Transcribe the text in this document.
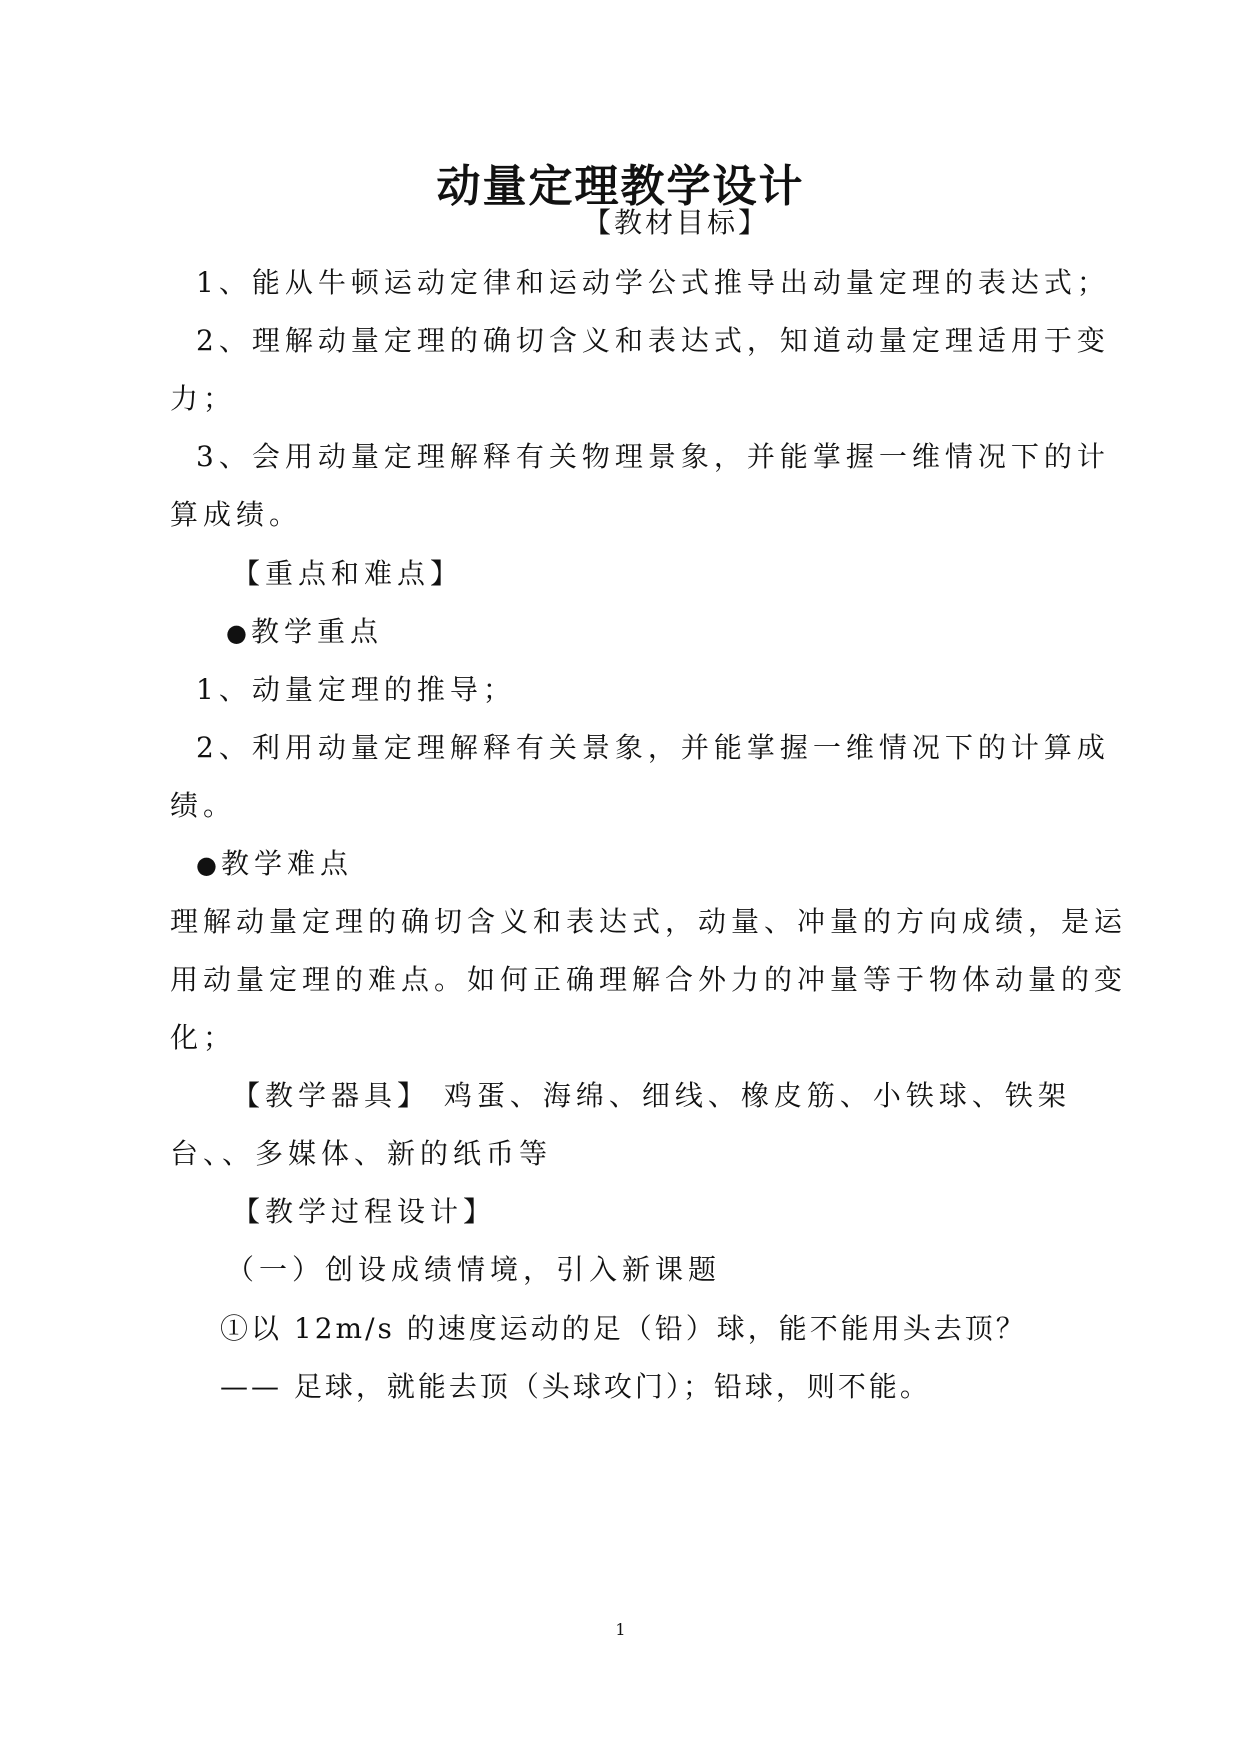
动量定理教学设计
【教材目标】
1、能从牛顿运动定律和运动学公式推导出动量定理的表达式；
2、理解动量定理的确切含义和表达式，知道动量定理适用于变
力；
3、会用动量定理解释有关物理景象，并能掌握一维情况下的计
算成绩。
【重点和难点】
● 教学重点
1、动量定理的推导；
2、利用动量定理解释有关景象，并能掌握一维情况下的计算成
绩。
● 教学难点
理解动量定理的确切含义和表达式，动量、冲量的方向成绩，是运
用动量定理的难点。如何正确理解合外力的冲量等于物体动量的变
化；
【教学器具】 鸡蛋、海绵、细线、橡皮筋、小铁球、铁架
台、、多媒体、新的纸币等
【教学过程设计】
（一）创设成绩情境，引入新课题
①以 12m/s 的速度运动的足（铅）球，能不能用头去顶？
—— 足球，就能去顶（头球攻门）；铅球，则不能。
1
